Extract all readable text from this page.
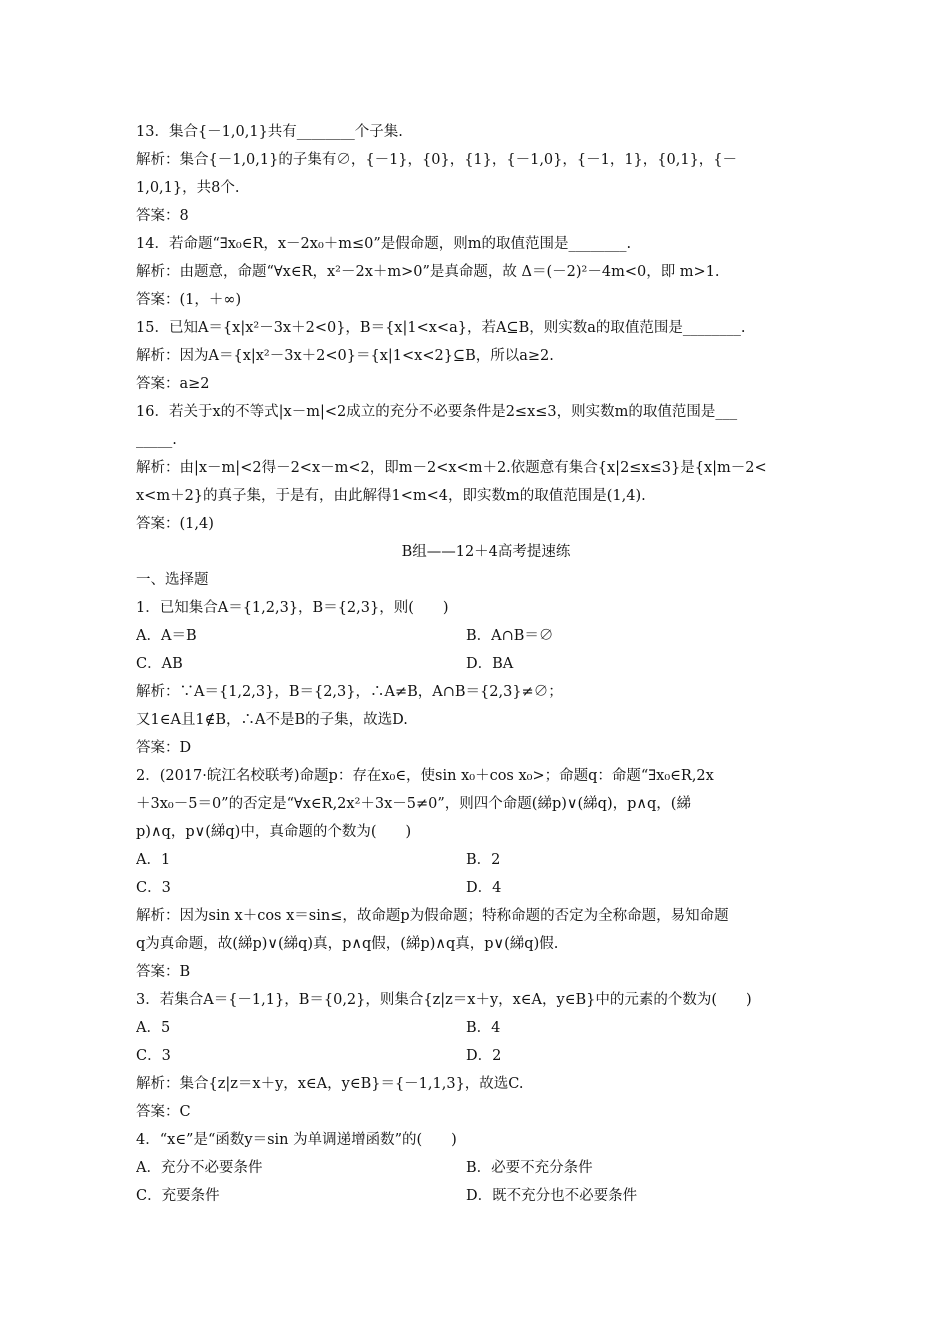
13．集合{－1,0,1}共有________个子集.
解析：集合{－1,0,1}的子集有∅，{－1}，{0}，{1}，{－1,0}，{－1，1}，{0,1}，{－
1,0,1}，共8个.
答案：8
14．若命题“∃x₀∈R，x－2x₀＋m≤0”是假命题，则m的取值范围是________.
解析：由题意，命题“∀x∈R，x²－2x＋m>0”是真命题，故 Δ＝(－2)²－4m<0，即 m>1.
答案：(1，＋∞)
15．已知A＝{x|x²－3x＋2<0}，B＝{x|1<x<a}，若A⊆B，则实数a的取值范围是________.
解析：因为A＝{x|x²－3x＋2<0}＝{x|1<x<2}⊆B，所以a≥2.
答案：a≥2
16．若关于x的不等式|x－m|<2成立的充分不必要条件是2≤x≤3，则实数m的取值范围是___
_____.
解析：由|x－m|<2得－2<x－m<2，即m－2<x<m＋2.依题意有集合{x|2≤x≤3}是{x|m－2<
x<m＋2}的真子集，于是有，由此解得1<m<4，即实数m的取值范围是(1,4).
答案：(1,4)
B组——12＋4高考提速练
一、选择题
1．已知集合A＝{1,2,3}，B＝{2,3}，则(　　)
A．A＝B	B．A∩B＝∅
C．AB	D．BA
解析：∵A＝{1,2,3}，B＝{2,3}，∴A≠B，A∩B＝{2,3}≠∅；
又1∈A且1∉B，∴A不是B的子集，故选D.
答案：D
2．(2017·皖江名校联考)命题p：存在x₀∈，使sin x₀＋cos x₀>；命题q：命题“∃x₀∈R,2x
＋3x₀－5＝0”的否定是“∀x∈R,2x²＋3x－5≠0”，则四个命题(綈p)∨(綈q)，p∧q，(綈
p)∧q，p∨(綈q)中，真命题的个数为(　　)
A．1	B．2
C．3	D．4
解析：因为sin x＋cos x＝sin≤，故命题p为假命题；特称命题的否定为全称命题，易知命题
q为真命题，故(綈p)∨(綈q)真，p∧q假，(綈p)∧q真，p∨(綈q)假.
答案：B
3．若集合A＝{－1,1}，B＝{0,2}，则集合{z|z＝x＋y，x∈A，y∈B}中的元素的个数为(　　)
A．5	B．4
C．3	D．2
解析：集合{z|z＝x＋y，x∈A，y∈B}＝{－1,1,3}，故选C.
答案：C
4．“x∈”是“函数y＝sin 为单调递增函数”的(　　)
A．充分不必要条件	B．必要不充分条件
C．充要条件	D．既不充分也不必要条件
